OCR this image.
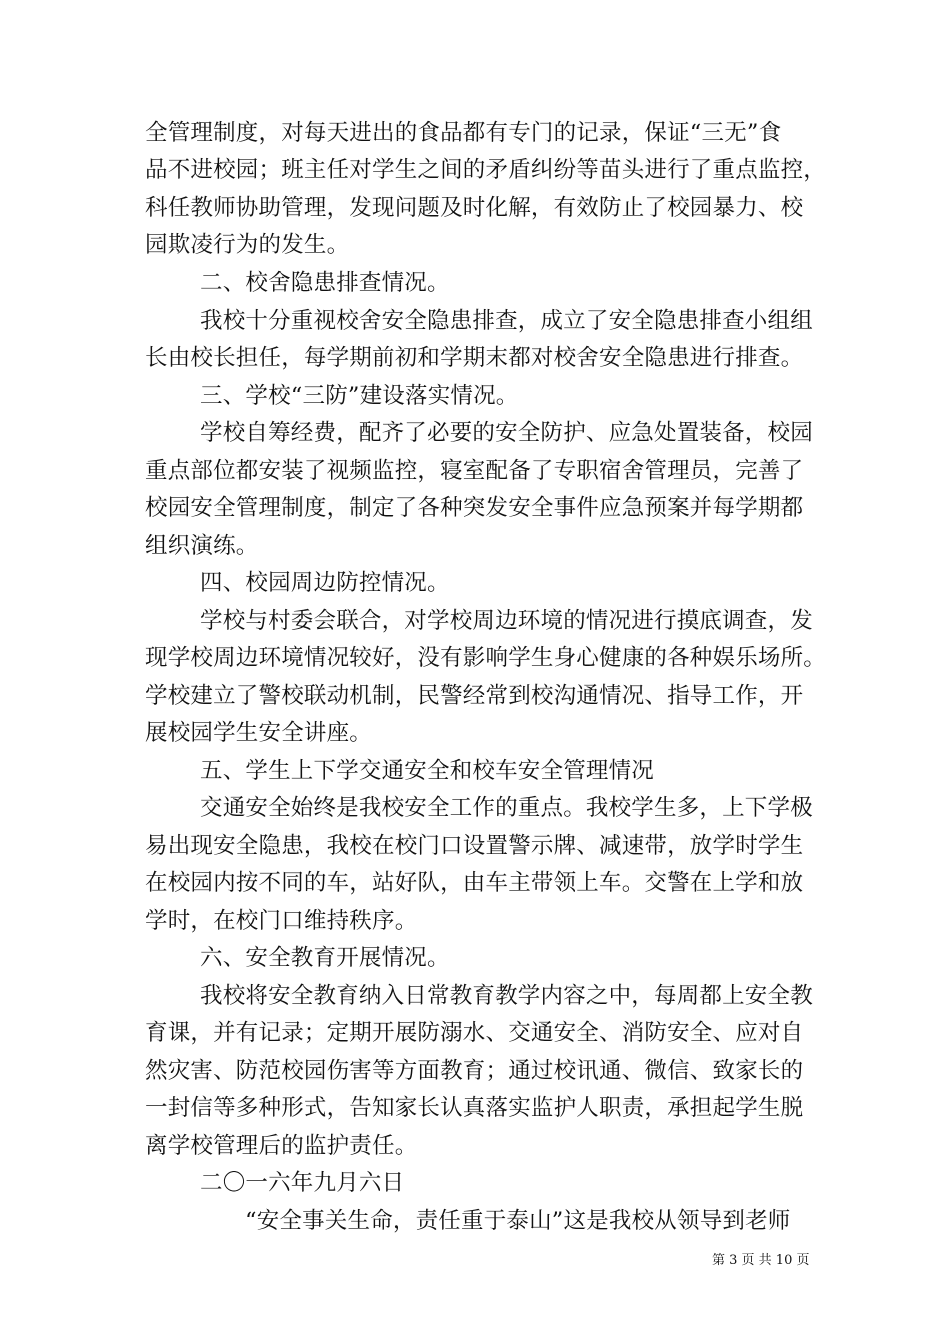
全管理制度，对每天进出的食品都有专门的记录，保证“三无”食
品不进校园；班主任对学生之间的矛盾纠纷等苗头进行了重点监控，
科任教师协助管理，发现问题及时化解，有效防止了校园暴力、校
园欺凌行为的发生。
二、校舍隐患排查情况。
我校十分重视校舍安全隐患排查，成立了安全隐患排查小组组
长由校长担任，每学期前初和学期末都对校舍安全隐患进行排查。
三、学校“三防”建设落实情况。
学校自筹经费，配齐了必要的安全防护、应急处置装备，校园
重点部位都安装了视频监控，寝室配备了专职宿舍管理员，完善了
校园安全管理制度，制定了各种突发安全事件应急预案并每学期都
组织演练。
四、校园周边防控情况。
学校与村委会联合，对学校周边环境的情况进行摸底调查，发
现学校周边环境情况较好，没有影响学生身心健康的各种娱乐场所。
学校建立了警校联动机制，民警经常到校沟通情况、指导工作，开
展校园学生安全讲座。
五、学生上下学交通安全和校车安全管理情况
交通安全始终是我校安全工作的重点。我校学生多，上下学极
易出现安全隐患，我校在校门口设置警示牌、减速带，放学时学生
在校园内按不同的车，站好队，由车主带领上车。交警在上学和放
学时，在校门口维持秩序。
六、安全教育开展情况。
我校将安全教育纳入日常教育教学内容之中，每周都上安全教
育课，并有记录；定期开展防溺水、交通安全、消防安全、应对自
然灾害、防范校园伤害等方面教育；通过校讯通、微信、致家长的
一封信等多种形式，告知家长认真落实监护人职责，承担起学生脱
离学校管理后的监护责任。
二〇一六年九月六日
“安全事关生命，责任重于泰山”这是我校从领导到老师
第 3 页 共 10 页
